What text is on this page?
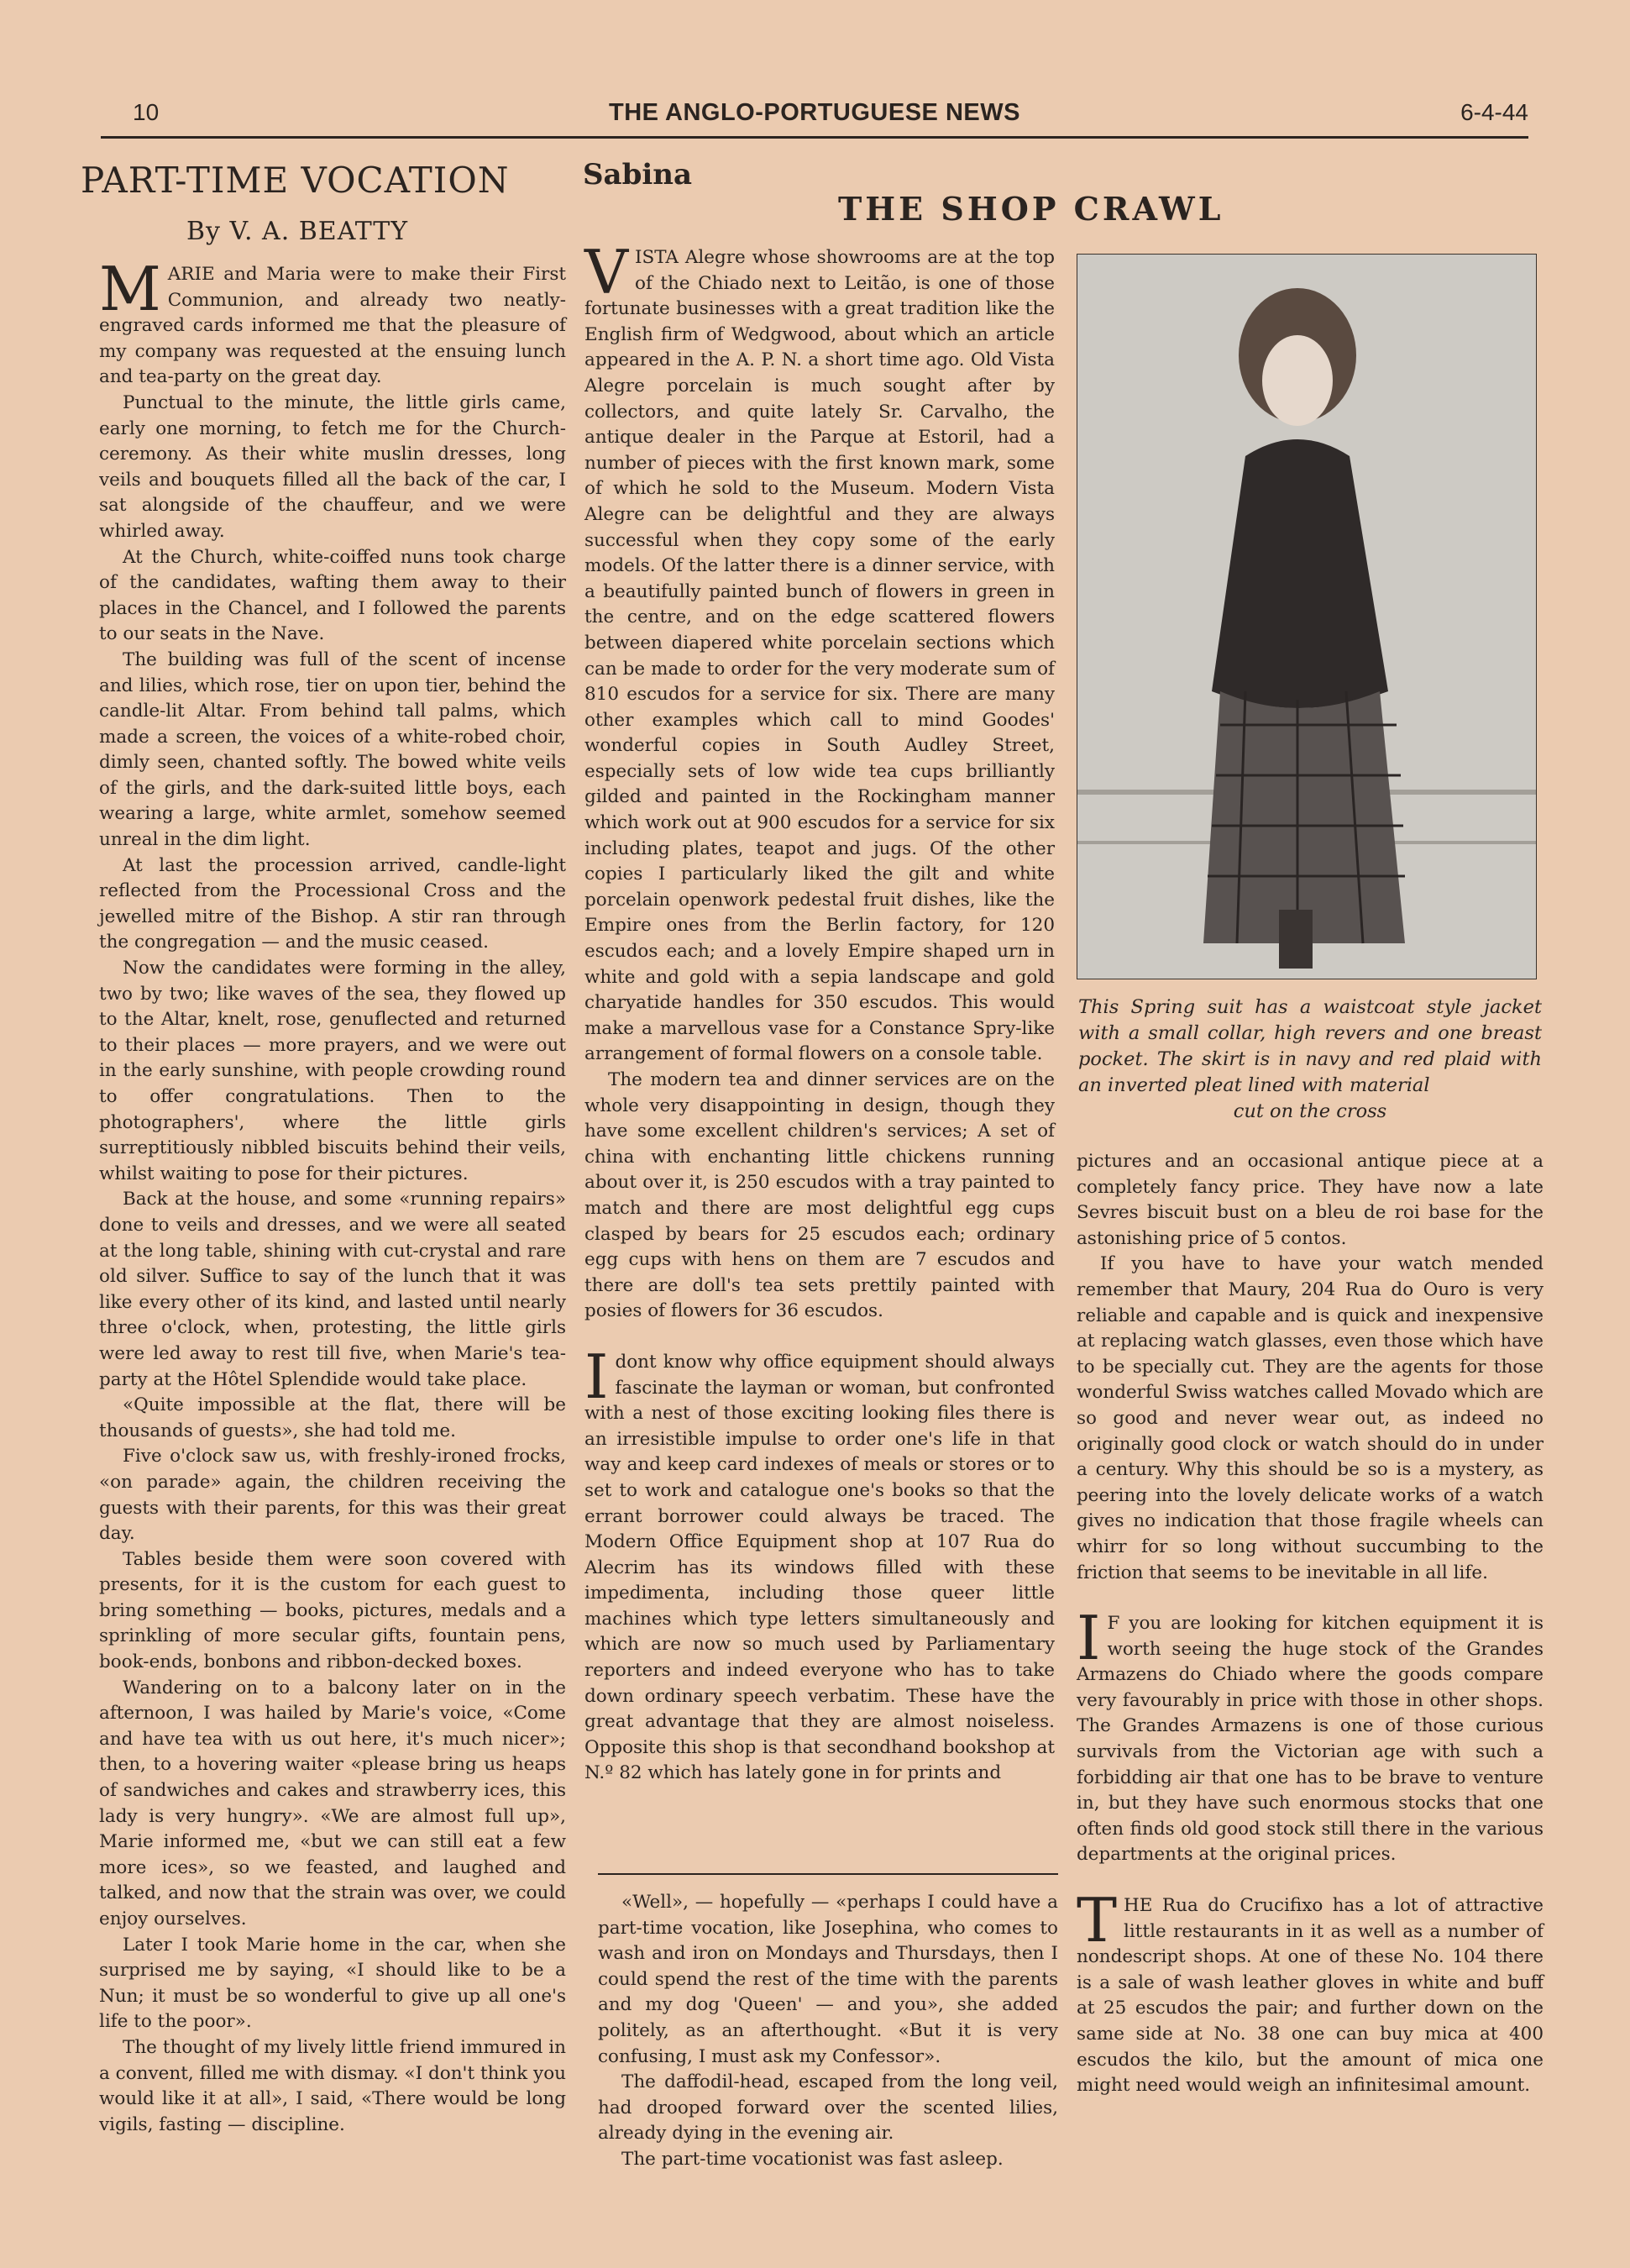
10	THE ANGLO-PORTUGUESE NEWS	6-4-44
PART-TIME VOCATION
By V. A. BEATTY

MARIE and Maria were to make their First Communion, and already two neatly-engraved cards informed me that the pleasure of my company was requested at the ensuing lunch and tea-party on the great day.

Punctual to the minute, the little girls came, early one morning, to fetch me for the Church-ceremony. As their white muslin dresses, long veils and bouquets filled all the back of the car, I sat alongside of the chauffeur, and we were whirled away.

At the Church, white-coiffed nuns took charge of the candidates, wafting them away to their places in the Chancel, and I followed the parents to our seats in the Nave.

The building was full of the scent of incense and lilies, which rose, tier on upon tier, behind the candle-lit Altar. From behind tall palms, which made a screen, the voices of a white-robed choir, dimly seen, chanted softly. The bowed white veils of the girls, and the dark-suited little boys, each wearing a large, white armlet, somehow seemed unreal in the dim light.

At last the procession arrived, candle-light reflected from the Processional Cross and the jewelled mitre of the Bishop. A stir ran through the congregation — and the music ceased.

Now the candidates were forming in the alley, two by two; like waves of the sea, they flowed up to the Altar, knelt, rose, genuflected and returned to their places — more prayers, and we were out in the early sunshine, with people crowding round to offer congratulations. Then to the photographers', where the little girls surreptitiously nibbled biscuits behind their veils, whilst waiting to pose for their pictures.

Back at the house, and some «running repairs» done to veils and dresses, and we were all seated at the long table, shining with cut-crystal and rare old silver. Suffice to say of the lunch that it was like every other of its kind, and lasted until nearly three o'clock, when, protesting, the little girls were led away to rest till five, when Marie's tea-party at the Hôtel Splendide would take place.

«Quite impossible at the flat, there will be thousands of guests», she had told me.

Five o'clock saw us, with freshly-ironed frocks, «on parade» again, the children receiving the guests with their parents, for this was their great day.

Tables beside them were soon covered with presents, for it is the custom for each guest to bring something — books, pictures, medals and a sprinkling of more secular gifts, fountain pens, book-ends, bonbons and ribbon-decked boxes.

Wandering on to a balcony later on in the afternoon, I was hailed by Marie's voice, «Come and have tea with us out here, it's much nicer»; then, to a hovering waiter «please bring us heaps of sandwiches and cakes and strawberry ices, this lady is very hungry». «We are almost full up», Marie informed me, «but we can still eat a few more ices», so we feasted, and laughed and talked, and now that the strain was over, we could enjoy ourselves.

Later I took Marie home in the car, when she surprised me by saying, «I should like to be a Nun; it must be so wonderful to give up all one's life to the poor».

The thought of my lively little friend immured in a convent, filled me with dismay. «I don't think you would like it at all», I said, «There would be long vigils, fasting — discipline.

Sabina
THE SHOP CRAWL

VISTA Alegre whose showrooms are at the top of the Chiado next to Leitão, is one of those fortunate businesses with a great tradition like the English firm of Wedgwood, about which an article appeared in the A. P. N. a short time ago. Old Vista Alegre porcelain is much sought after by collectors, and quite lately Sr. Carvalho, the antique dealer in the Parque at Estoril, had a number of pieces with the first known mark, some of which he sold to the Museum. Modern Vista Alegre can be delightful and they are always successful when they copy some of the early models. Of the latter there is a dinner service, with a beautifully painted bunch of flowers in green in the centre, and on the edge scattered flowers between diapered white porcelain sections which can be made to order for the very moderate sum of 810 escudos for a service for six. There are many other examples which call to mind Goodes' wonderful copies in South Audley Street, especially sets of low wide tea cups brilliantly gilded and painted in the Rockingham manner which work out at 900 escudos for a service for six including plates, teapot and jugs. Of the other copies I particularly liked the gilt and white porcelain openwork pedestal fruit dishes, like the Empire ones from the Berlin factory, for 120 escudos each; and a lovely Empire shaped urn in white and gold with a sepia landscape and gold charyatide handles for 350 escudos. This would make a marvellous vase for a Constance Spry-like arrangement of formal flowers on a console table.

The modern tea and dinner services are on the whole very disappointing in design, though they have some excellent children's services; A set of china with enchanting little chickens running about over it, is 250 escudos with a tray painted to match and there are most delightful egg cups clasped by bears for 25 escudos each; ordinary egg cups with hens on them are 7 escudos and there are doll's tea sets prettily painted with posies of flowers for 36 escudos.

Idont know why office equipment should always fascinate the layman or woman, but confronted with a nest of those exciting looking files there is an irresistible impulse to order one's life in that way and keep card indexes of meals or stores or to set to work and catalogue one's books so that the errant borrower could always be traced. The Modern Office Equipment shop at 107 Rua do Alecrim has its windows filled with these impedimenta, including those queer little machines which type letters simultaneously and which are now so much used by Parliamentary reporters and indeed everyone who has to take down ordinary speech verbatim. These have the great advantage that they are almost noiseless. Opposite this shop is that secondhand bookshop at N.º 82 which has lately gone in for prints and

«Well», — hopefully — «perhaps I could have a part-time vocation, like Josephina, who comes to wash and iron on Mondays and Thursdays, then I could spend the rest of the time with the parents and my dog 'Queen' — and you», she added politely, as an afterthought. «But it is very confusing, I must ask my Confessor».

The daffodil-head, escaped from the long veil, had drooped forward over the scented lilies, already dying in the evening air.

The part-time vocationist was fast asleep.

This Spring suit has a waistcoat style jacket with a small collar, high revers and one breast pocket. The skirt is in navy and red plaid with an inverted pleat lined with material
cut on the cross

pictures and an occasional antique piece at a completely fancy price. They have now a late Sevres biscuit bust on a bleu de roi base for the astonishing price of 5 contos.

If you have to have your watch mended remember that Maury, 204 Rua do Ouro is very reliable and capable and is quick and inexpensive at replacing watch glasses, even those which have to be specially cut. They are the agents for those wonderful Swiss watches called Movado which are so good and never wear out, as indeed no originally good clock or watch should do in under a century. Why this should be so is a mystery, as peering into the lovely delicate works of a watch gives no indication that those fragile wheels can whirr for so long without succumbing to the friction that seems to be inevitable in all life.

I F you are looking for kitchen equipment it is worth seeing the huge stock of the Grandes Armazens do Chiado where the goods compare very favourably in price with those in other shops. The Grandes Armazens is one of those curious survivals from the Victorian age with such a forbidding air that one has to be brave to venture in, but they have such enormous stocks that one often finds old good stock still there in the various departments at the original prices.

THE Rua do Crucifixo has a lot of attractive little restaurants in it as well as a number of nondescript shops. At one of these No. 104 there is a sale of wash leather gloves in white and buff at 25 escudos the pair; and further down on the same side at No. 38 one can buy mica at 400 escudos the kilo, but the amount of mica one might need would weigh an infinitesimal amount.
